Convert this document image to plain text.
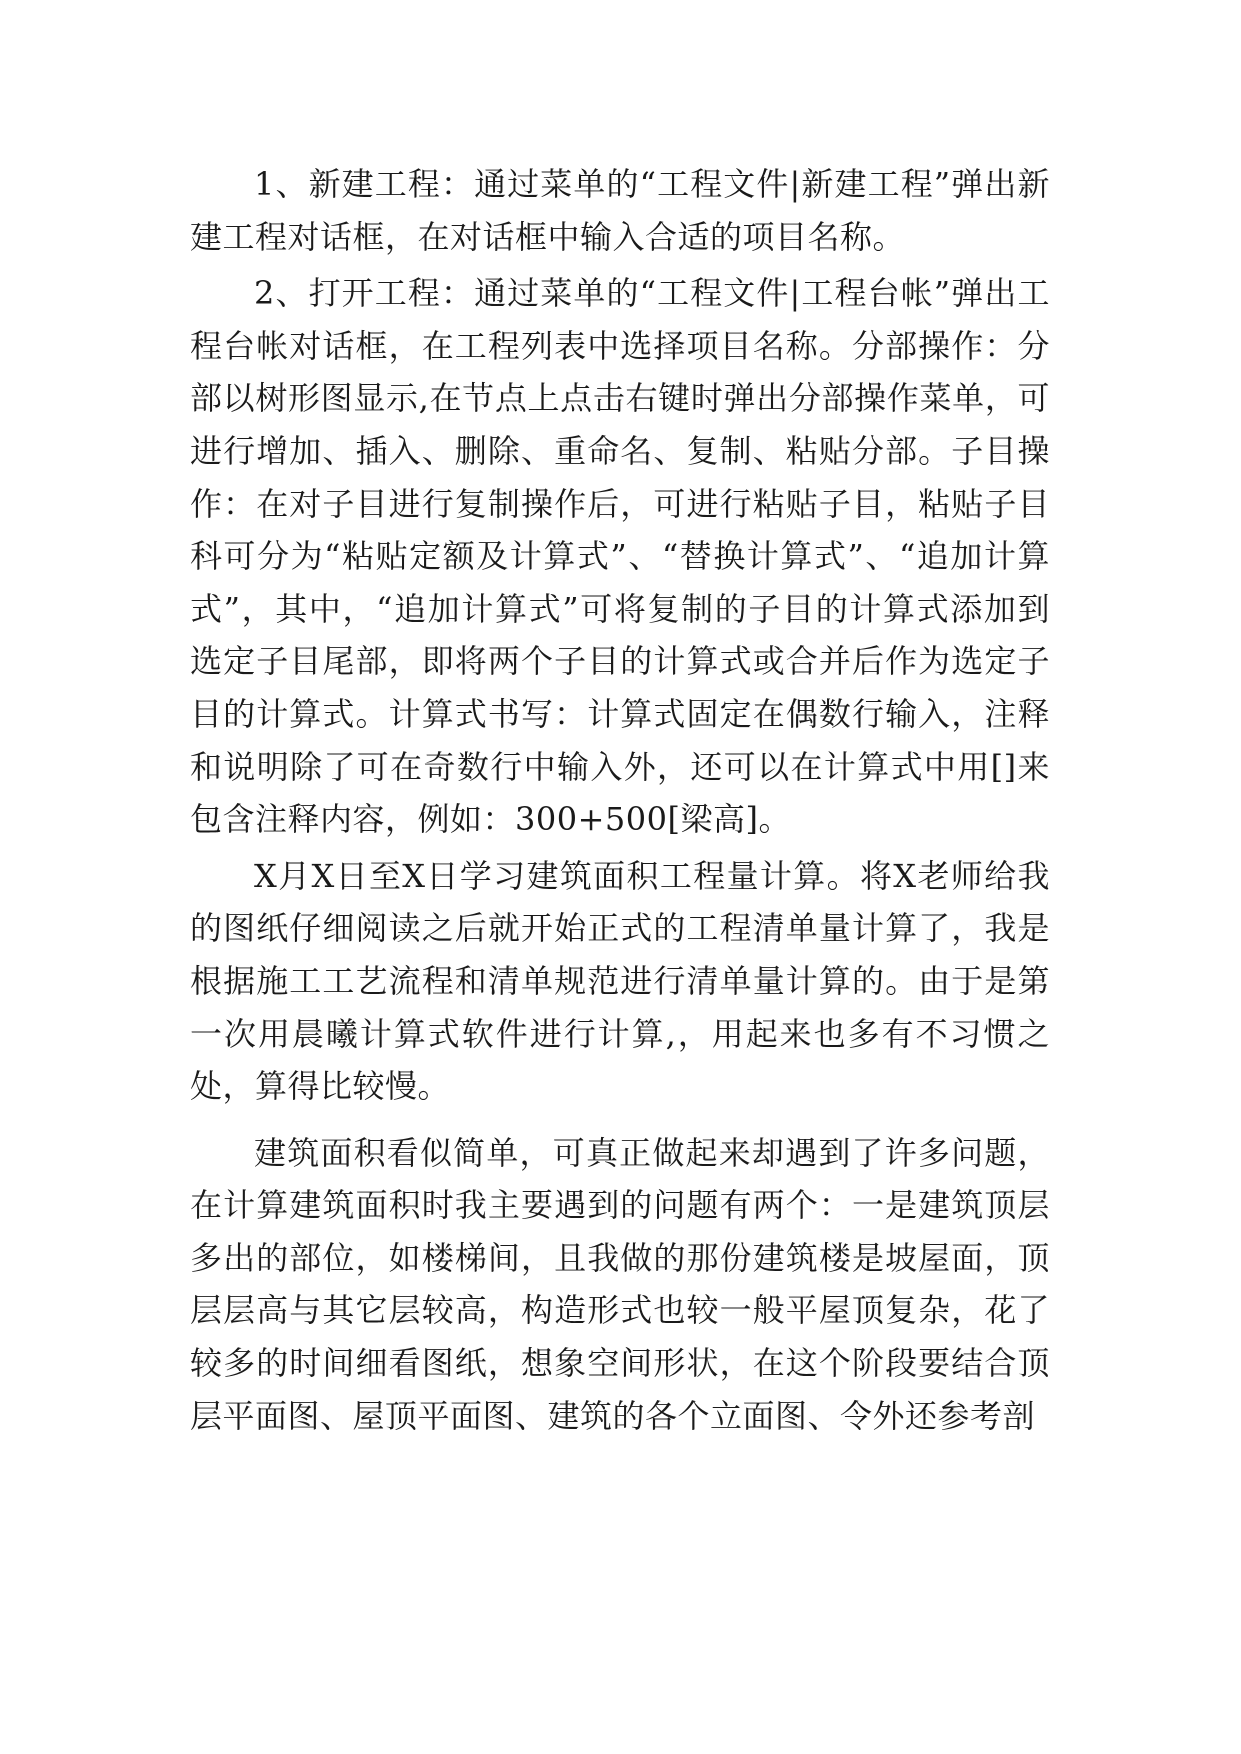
1、新建工程：通过菜单的“工程文件|新建工程”弹出新建工程对话框，在对话框中输入合适的项目名称。

2、打开工程：通过菜单的“工程文件|工程台帐”弹出工程台帐对话框，在工程列表中选择项目名称。分部操作：分部以树形图显示,在节点上点击右键时弹出分部操作菜单，可进行增加、插入、删除、重命名、复制、粘贴分部。子目操作：在对子目进行复制操作后，可进行粘贴子目，粘贴子目科可分为“粘贴定额及计算式”、“替换计算式”、“追加计算式”，其中，“追加计算式”可将复制的子目的计算式添加到选定子目尾部，即将两个子目的计算式或合并后作为选定子目的计算式。计算式书写：计算式固定在偶数行输入，注释和说明除了可在奇数行中输入外，还可以在计算式中用[]来包含注释内容，例如：300+500[梁高]。

X月X日至X日学习建筑面积工程量计算。将X老师给我的图纸仔细阅读之后就开始正式的工程清单量计算了，我是根据施工工艺流程和清单规范进行清单量计算的。由于是第一次用晨曦计算式软件进行计算,，用起来也多有不习惯之处，算得比较慢。

建筑面积看似简单，可真正做起来却遇到了许多问题，在计算建筑面积时我主要遇到的问题有两个：一是建筑顶层多出的部位，如楼梯间，且我做的那份建筑楼是坡屋面，顶层层高与其它层较高，构造形式也较一般平屋顶复杂，花了较多的时间细看图纸，想象空间形状，在这个阶段要结合顶层平面图、屋顶平面图、建筑的各个立面图、令外还参考剖
